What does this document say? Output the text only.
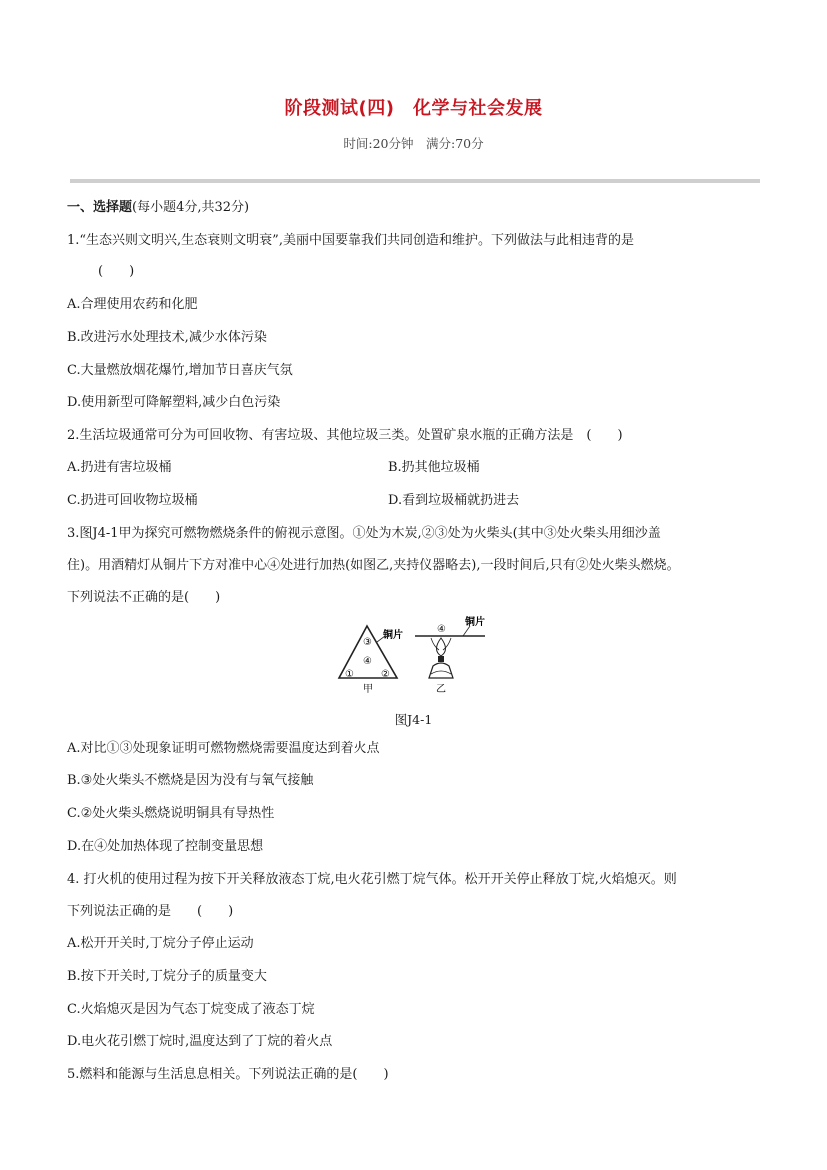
阶段测试(四)　化学与社会发展
时间:20分钟　满分:70分
一、选择题(每小题4分,共32分)
1.“生态兴则文明兴,生态衰则文明衰”,美丽中国要靠我们共同创造和维护。下列做法与此相违背的是
(　　)
A.合理使用农药和化肥
B.改进污水处理技术,减少水体污染
C.大量燃放烟花爆竹,增加节日喜庆气氛
D.使用新型可降解塑料,减少白色污染
2.生活垃圾通常可分为可回收物、有害垃圾、其他垃圾三类。处置矿泉水瓶的正确方法是　(　　)
A.扔进有害垃圾桶	B.扔其他垃圾桶
C.扔进可回收物垃圾桶	D.看到垃圾桶就扔进去
3.图J4-1甲为探究可燃物燃烧条件的俯视示意图。①处为木炭,②③处为火柴头(其中③处火柴头用细沙盖
住)。用酒精灯从铜片下方对准中心④处进行加热(如图乙,夹持仪器略去),一段时间后,只有②处火柴头燃烧。
下列说法不正确的是(　　)
③
④
①	②
铜片
甲
④
铜片
乙
图J4-1
A.对比①③处现象证明可燃物燃烧需要温度达到着火点
B.③处火柴头不燃烧是因为没有与氧气接触
C.②处火柴头燃烧说明铜具有导热性
D.在④处加热体现了控制变量思想
4. 打火机的使用过程为按下开关释放液态丁烷,电火花引燃丁烷气体。松开开关停止释放丁烷,火焰熄灭。则
下列说法正确的是　　(　　)
A.松开开关时,丁烷分子停止运动
B.按下开关时,丁烷分子的质量变大
C.火焰熄灭是因为气态丁烷变成了液态丁烷
D.电火花引燃丁烷时,温度达到了丁烷的着火点
5.燃料和能源与生活息息相关。下列说法正确的是(　　)
